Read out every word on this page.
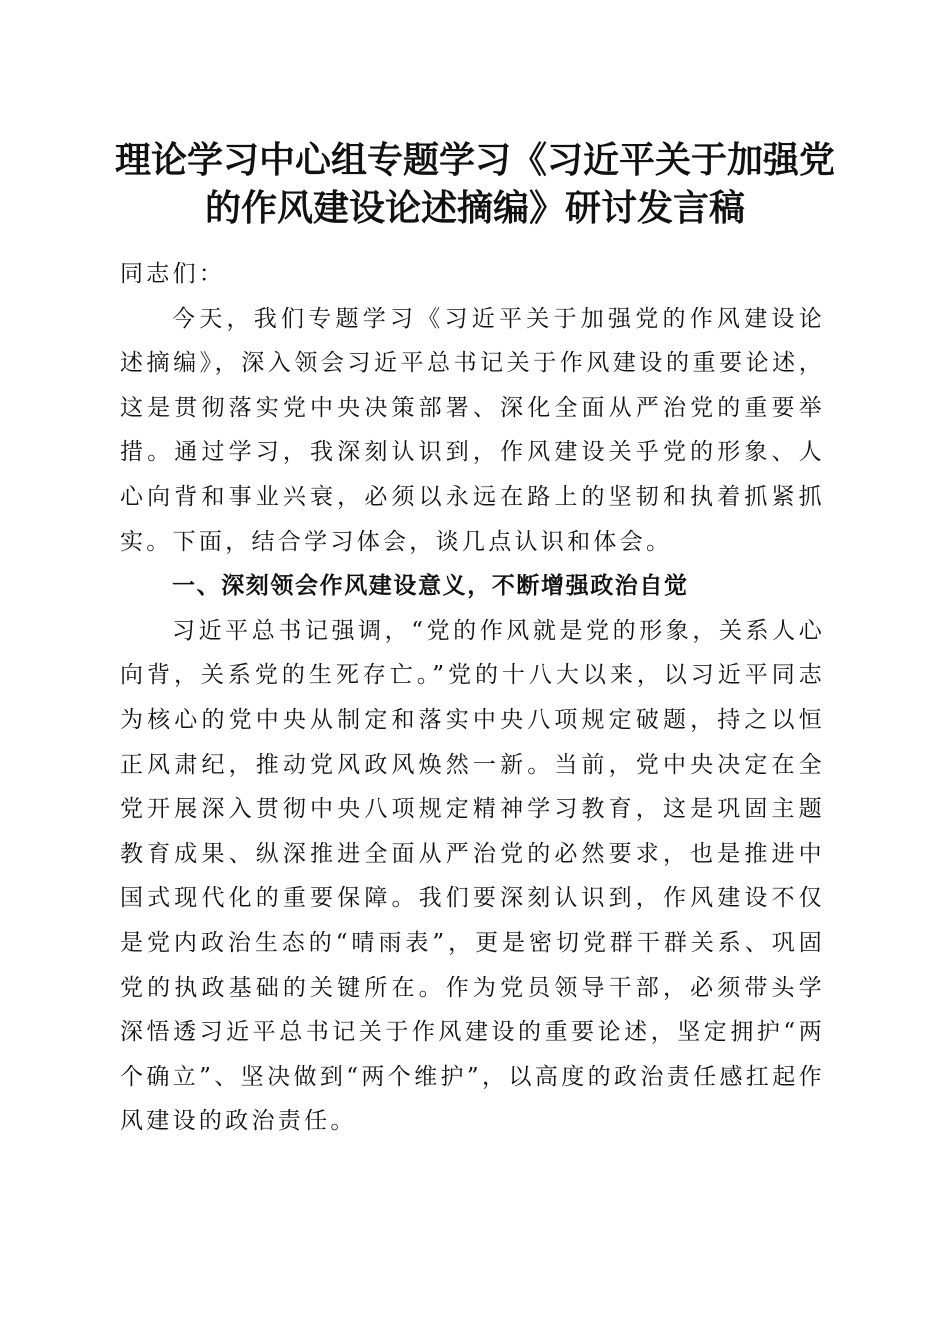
理论学习中心组专题学习《习近平关于加强党
的作风建设论述摘编》研讨发言稿

同志们：

今天，我们专题学习《习近平关于加强党的作风建设论述摘编》，深入领会习近平总书记关于作风建设的重要论述，这是贯彻落实党中央决策部署、深化全面从严治党的重要举措。通过学习，我深刻认识到，作风建设关乎党的形象、人心向背和事业兴衰，必须以永远在路上的坚韧和执着抓紧抓实。下面，结合学习体会，谈几点认识和体会。

一、深刻领会作风建设意义，不断增强政治自觉

习近平总书记强调，“党的作风就是党的形象，关系人心向背，关系党的生死存亡。”党的十八大以来，以习近平同志为核心的党中央从制定和落实中央八项规定破题，持之以恒正风肃纪，推动党风政风焕然一新。当前，党中央决定在全党开展深入贯彻中央八项规定精神学习教育，这是巩固主题教育成果、纵深推进全面从严治党的必然要求，也是推进中国式现代化的重要保障。我们要深刻认识到，作风建设不仅是党内政治生态的“晴雨表”，更是密切党群干群关系、巩固党的执政基础的关键所在。作为党员领导干部，必须带头学深悟透习近平总书记关于作风建设的重要论述，坚定拥护“两个确立”、坚决做到“两个维护”，以高度的政治责任感扛起作风建设的政治责任。
